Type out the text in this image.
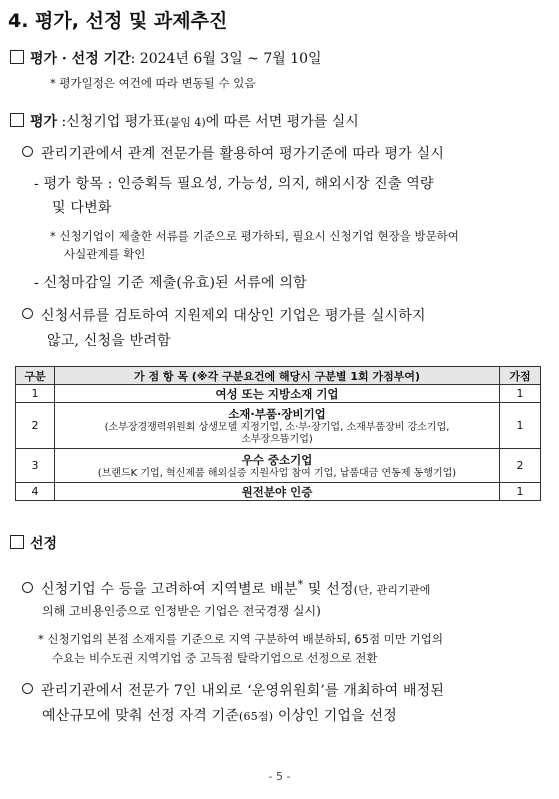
4. 평가, 선정 및 과제추진
평가 · 선정 기간: 2024년 6월 3일 ~ 7월 10일
* 평가일정은 여건에 따라 변동될 수 있음
평가 :신청기업 평가표(붙임 4)에 따른 서면 평가를 실시
관리기관에서 관계 전문가를 활용하여 평가기준에 따라 평가 실시
- 평가 항목 : 인증획득 필요성, 가능성, 의지, 해외시장 진출 역량
및 다변화
* 신청기업이 제출한 서류를 기준으로 평가하되, 필요시 신청기업 현장을 방문하여
사실관계를 확인
- 신청마감일 기준 제출(유효)된 서류에 의함
신청서류를 검토하여 지원제외 대상인 기업은 평가를 실시하지
않고, 신청을 반려함
구분	가 점 항 목 (※각 구분요건에 해당시 구분별 1회 가점부여)	가점
1	여성 또는 지방소재 기업	1
2	소재·부품·장비기업
(소부장경쟁력위원회 상생모델 지정기업, 소·부·장기업, 소재부품장비 강소기업,
소부장으뜸기업)	1
3	우수 중소기업
(브랜드K 기업, 혁신제품 해외실증 지원사업 참여 기업, 납품대금 연동제 동행기업)	2
4	원전분야 인증	1
선정
신청기업 수 등을 고려하여 지역별로 배분* 및 선정(단, 관리기관에
의해 고비용인증으로 인정받은 기업은 전국경쟁 실시)
* 신청기업의 본점 소재지를 기준으로 지역 구분하여 배분하되, 65점 미만 기업의
수요는 비수도권 지역기업 중 고득점 탈락기업으로 선정으로 전환
관리기관에서 전문가 7인 내외로 ‘운영위원회’를 개최하여 배정된
예산규모에 맞춰 선정 자격 기준(65점) 이상인 기업을 선정
- 5 -
